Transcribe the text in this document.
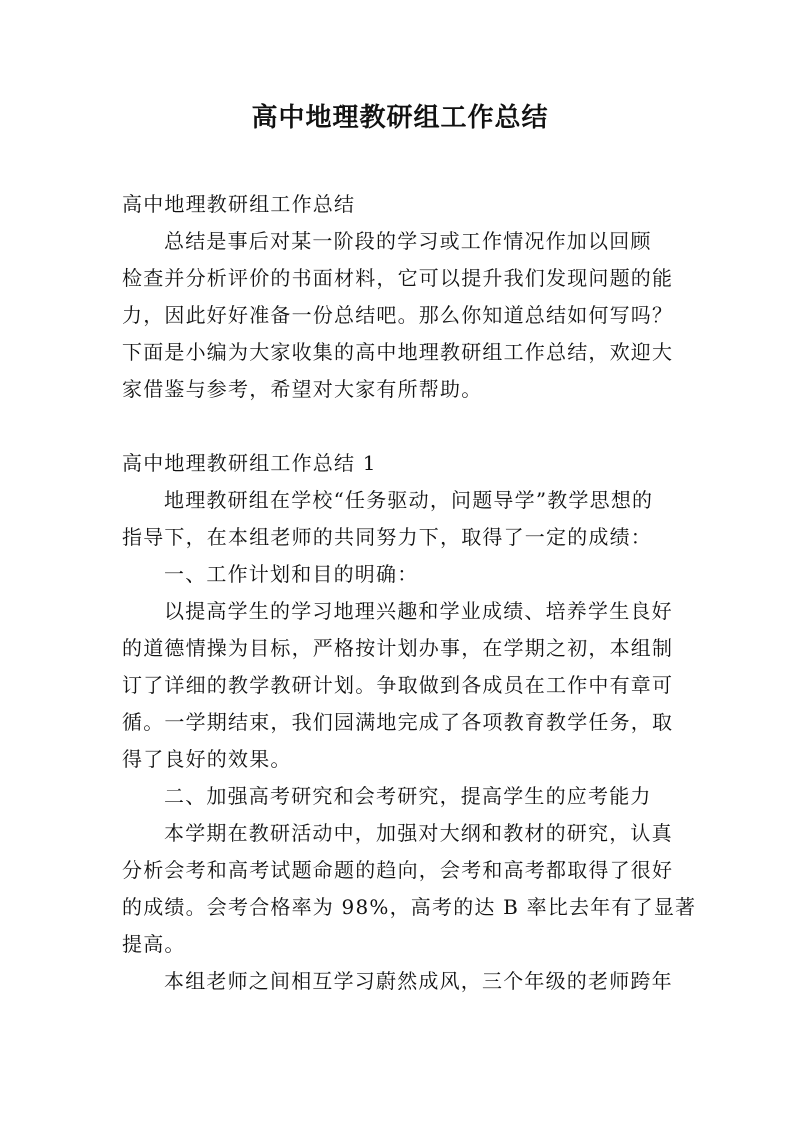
高中地理教研组工作总结
高中地理教研组工作总结
总结是事后对某一阶段的学习或工作情况作加以回顾
检查并分析评价的书面材料，它可以提升我们发现问题的能
力，因此好好准备一份总结吧。那么你知道总结如何写吗？
下面是小编为大家收集的高中地理教研组工作总结，欢迎大
家借鉴与参考，希望对大家有所帮助。
高中地理教研组工作总结 1
地理教研组在学校“任务驱动，问题导学”教学思想的
指导下，在本组老师的共同努力下，取得了一定的成绩：
一、工作计划和目的明确：
以提高学生的学习地理兴趣和学业成绩、培养学生良好
的道德情操为目标，严格按计划办事，在学期之初，本组制
订了详细的教学教研计划。争取做到各成员在工作中有章可
循。一学期结束，我们园满地完成了各项教育教学任务，取
得了良好的效果。
二、加强高考研究和会考研究，提高学生的应考能力
本学期在教研活动中，加强对大纲和教材的研究，认真
分析会考和高考试题命题的趋向，会考和高考都取得了很好
的成绩。会考合格率为 98%，高考的达 B 率比去年有了显著
提高。
本组老师之间相互学习蔚然成风，三个年级的老师跨年
